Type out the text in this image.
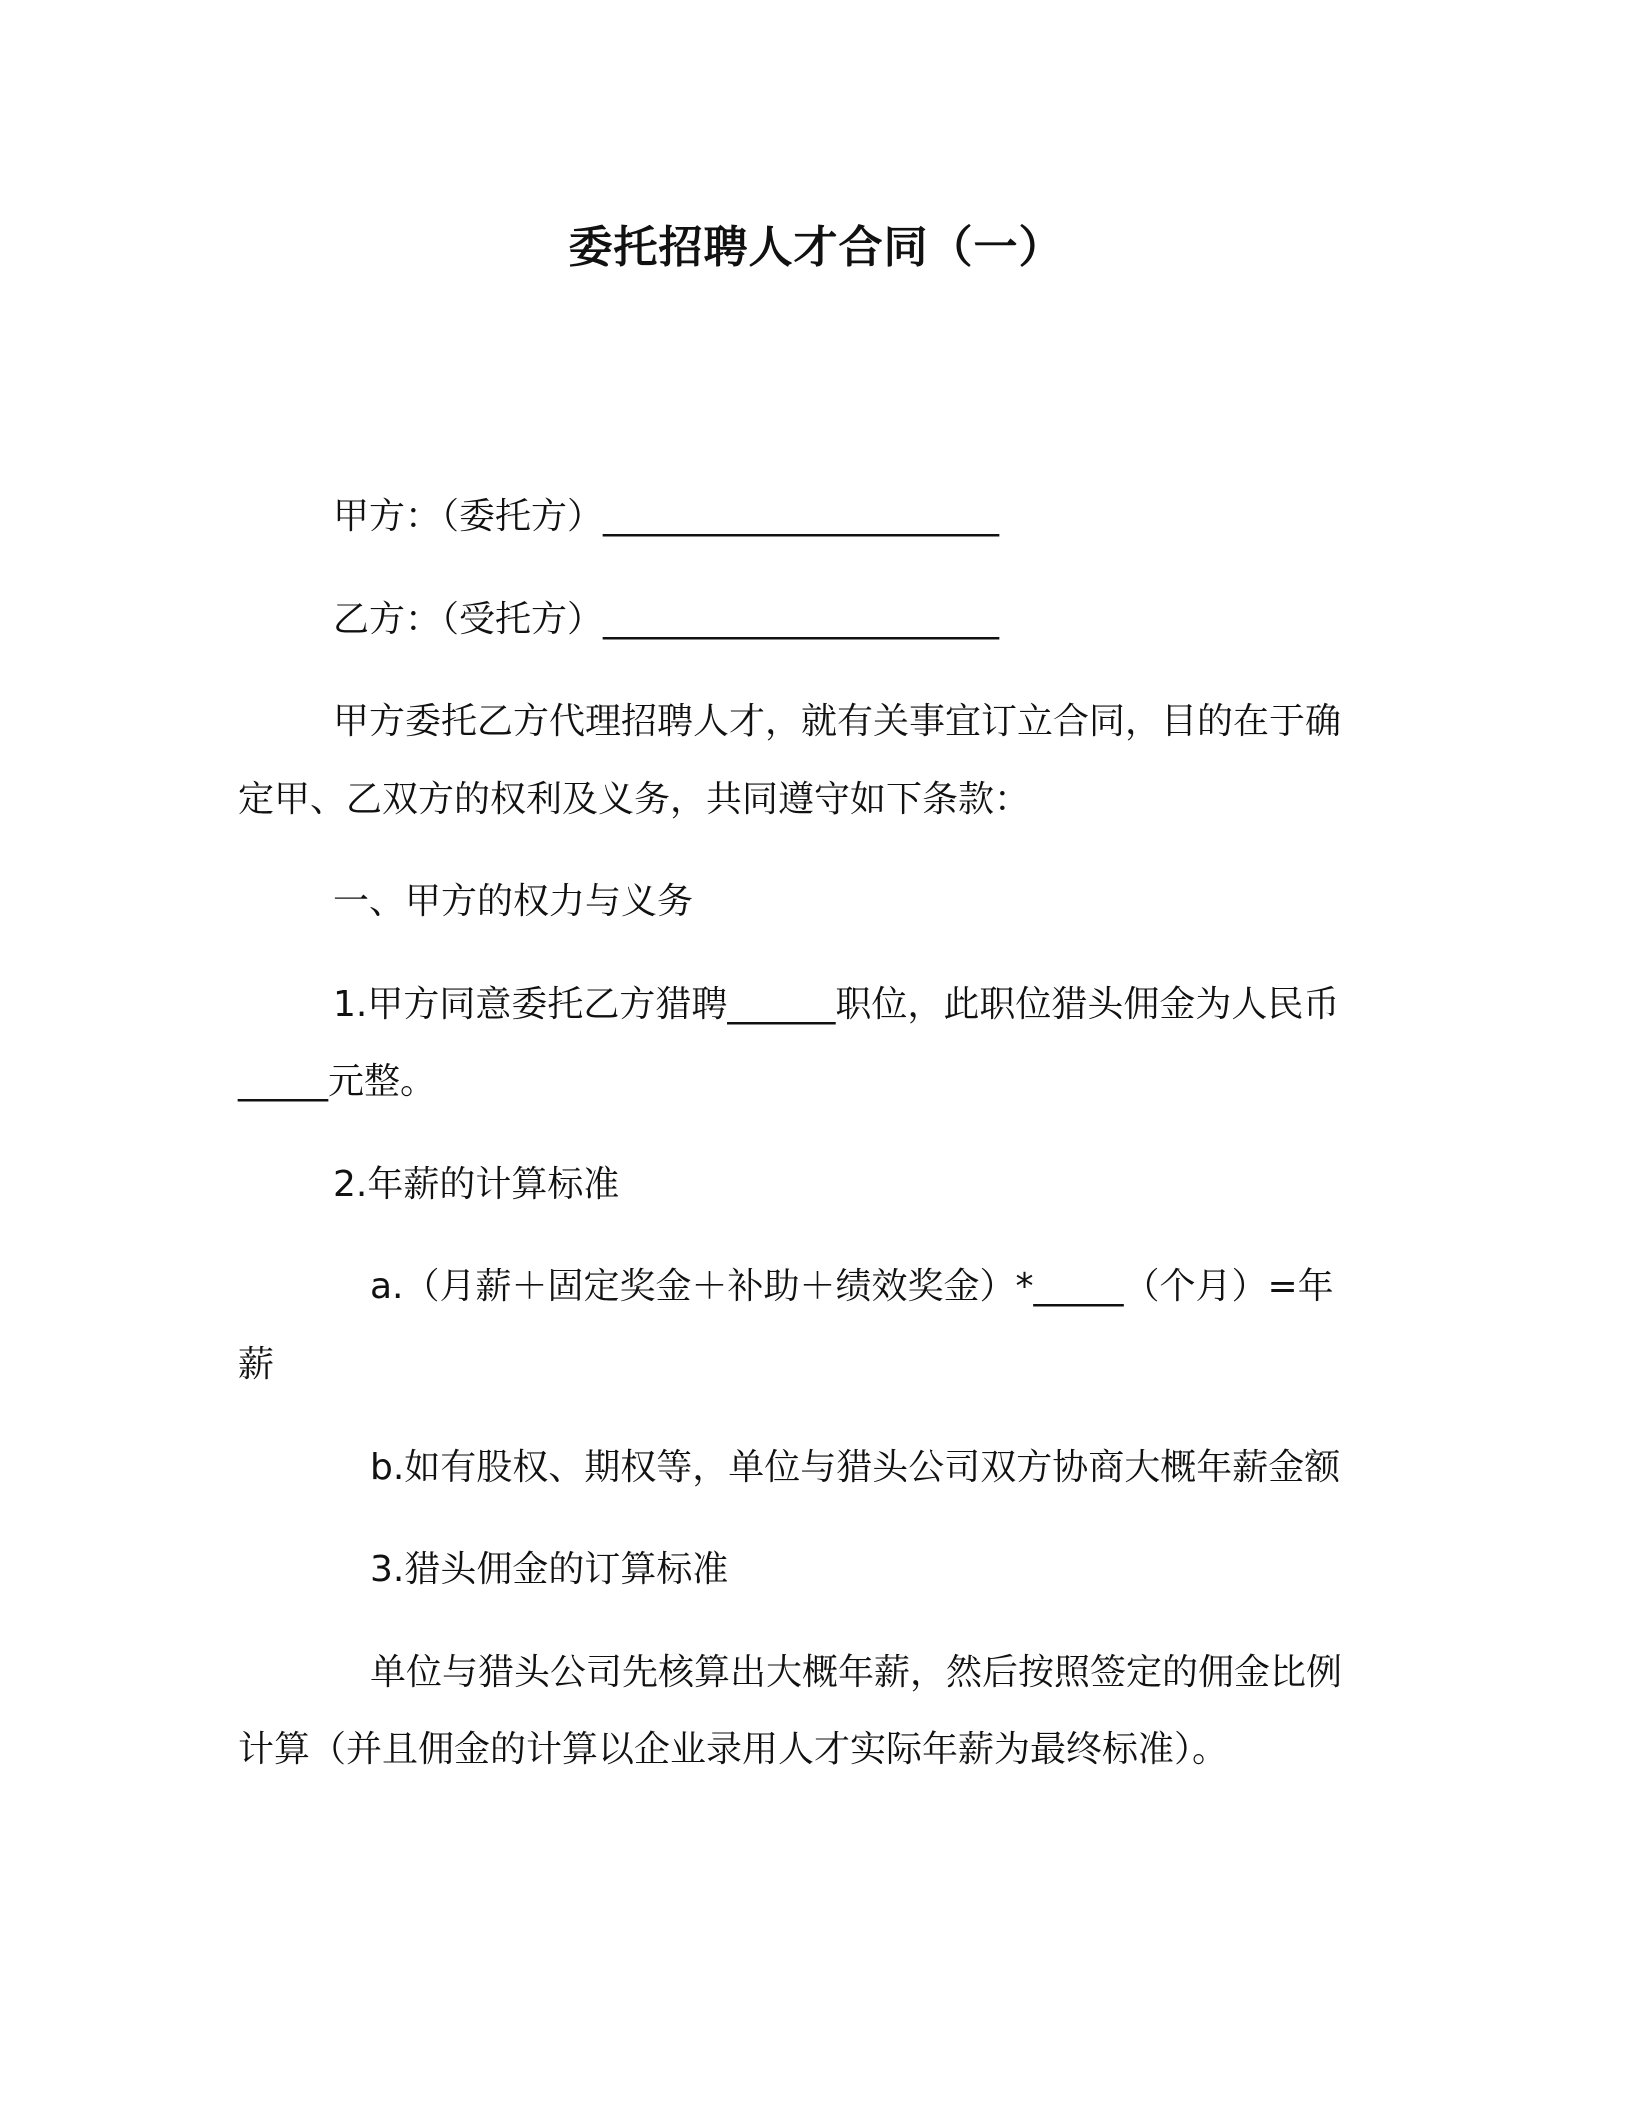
委托招聘人才合同（一）
甲方：（委托方）______________________
乙方：（受托方）______________________
甲方委托乙方代理招聘人才，就有关事宜订立合同，目的在于确
定甲、乙双方的权利及义务，共同遵守如下条款：
一、甲方的权力与义务
1.甲方同意委托乙方猎聘______职位，此职位猎头佣金为人民币
_____元整。
2.年薪的计算标准
a.（月薪＋固定奖金＋补助＋绩效奖金）*_____（个月）=年
薪
b.如有股权、期权等，单位与猎头公司双方协商大概年薪金额
3.猎头佣金的订算标准
单位与猎头公司先核算出大概年薪，然后按照签定的佣金比例
计算（并且佣金的计算以企业录用人才实际年薪为最终标准）。
